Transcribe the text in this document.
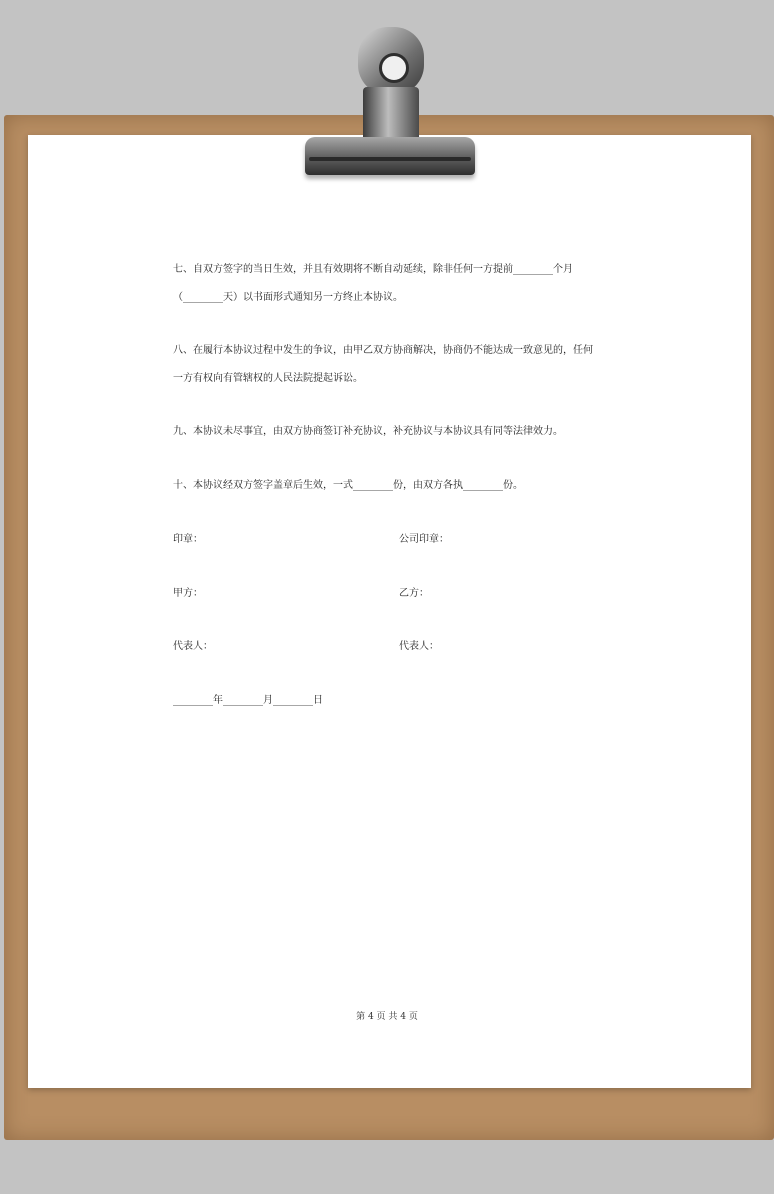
七、自双方签字的当日生效，并且有效期将不断自动延续，除非任何一方提前________个月
（________天）以书面形式通知另一方终止本协议。
八、在履行本协议过程中发生的争议，由甲乙双方协商解决，协商仍不能达成一致意见的，任何
一方有权向有管辖权的人民法院提起诉讼。
九、本协议未尽事宜，由双方协商签订补充协议，补充协议与本协议具有同等法律效力。
十、本协议经双方签字盖章后生效，一式________份，由双方各执________份。
印章：	公司印章：
甲方：	乙方：
代表人：	代表人：
________年________月________日
第 4 页 共 4 页
